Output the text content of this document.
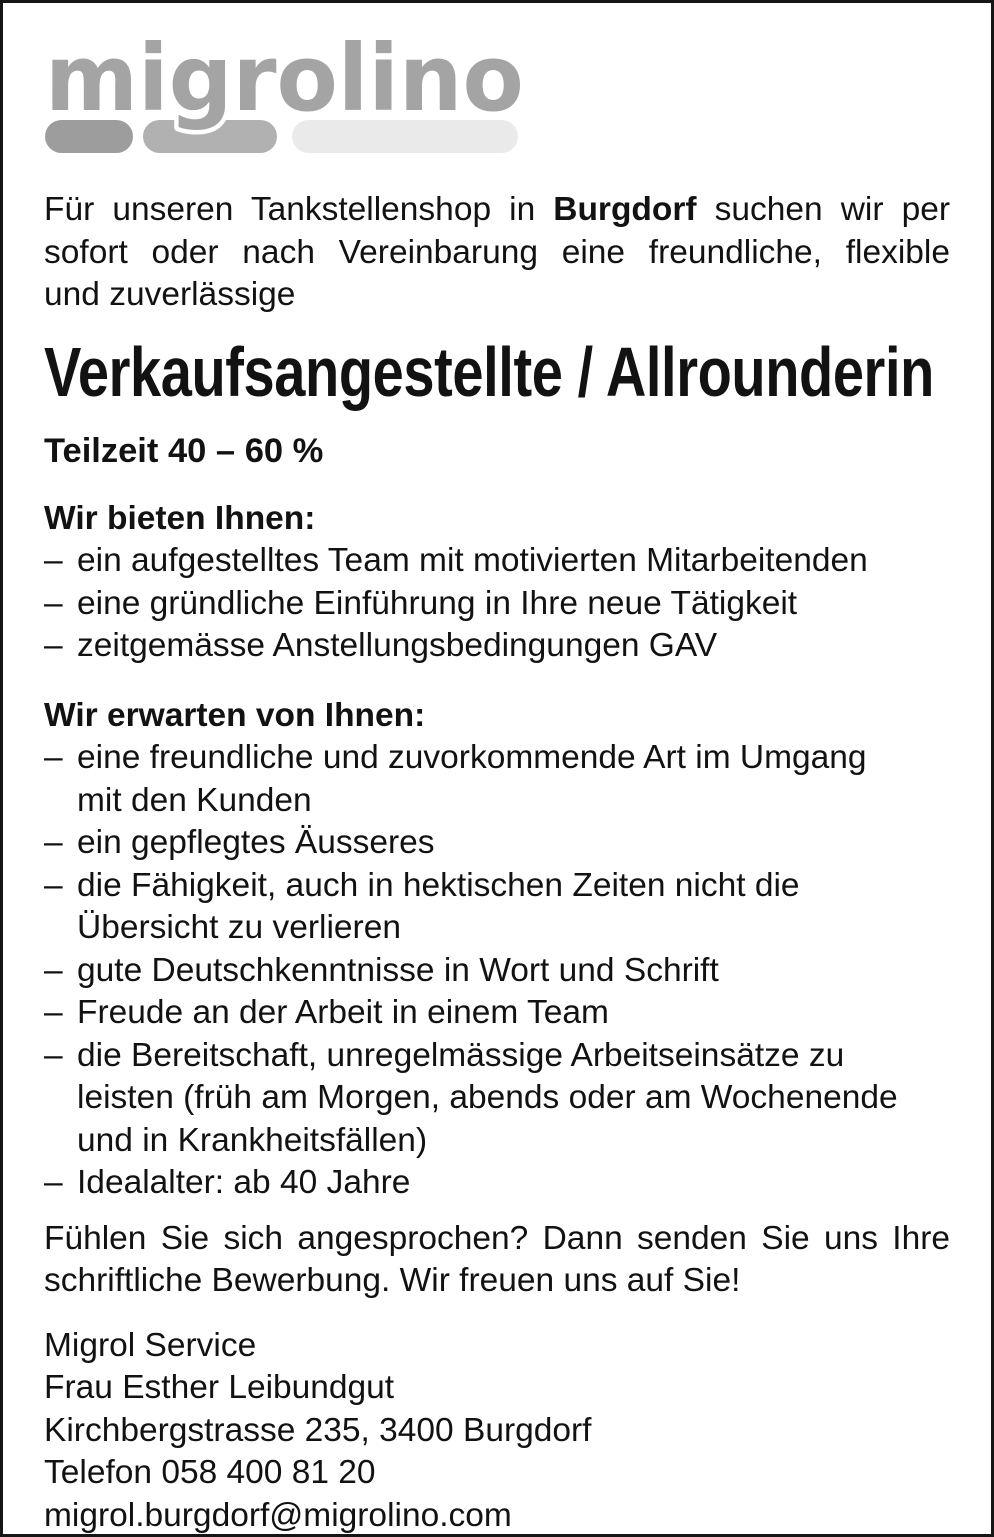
migrolino
Für unseren Tankstellenshop in Burgdorf suchen wir per
sofort oder nach Vereinbarung eine freundliche, flexible
und zuverlässige
Verkaufsangestellte / Allrounderin
Teilzeit 40 – 60 %
Wir bieten Ihnen:
– ein aufgestelltes Team mit motivierten Mitarbeitenden
– eine gründliche Einführung in Ihre neue Tätigkeit
– zeitgemässe Anstellungsbedingungen GAV
Wir erwarten von Ihnen:
– eine freundliche und zuvorkommende Art im Umgang
mit den Kunden
– ein gepflegtes Äusseres
– die Fähigkeit, auch in hektischen Zeiten nicht die
Übersicht zu verlieren
– gute Deutschkenntnisse in Wort und Schrift
– Freude an der Arbeit in einem Team
– die Bereitschaft, unregelmässige Arbeitseinsätze zu
leisten (früh am Morgen, abends oder am Wochenende
und in Krankheitsfällen)
– Idealalter: ab 40 Jahre
Fühlen Sie sich angesprochen? Dann senden Sie uns Ihre
schriftliche Bewerbung. Wir freuen uns auf Sie!
Migrol Service
Frau Esther Leibundgut
Kirchbergstrasse 235, 3400 Burgdorf
Telefon 058 400 81 20
migrol.burgdorf@migrolino.com
